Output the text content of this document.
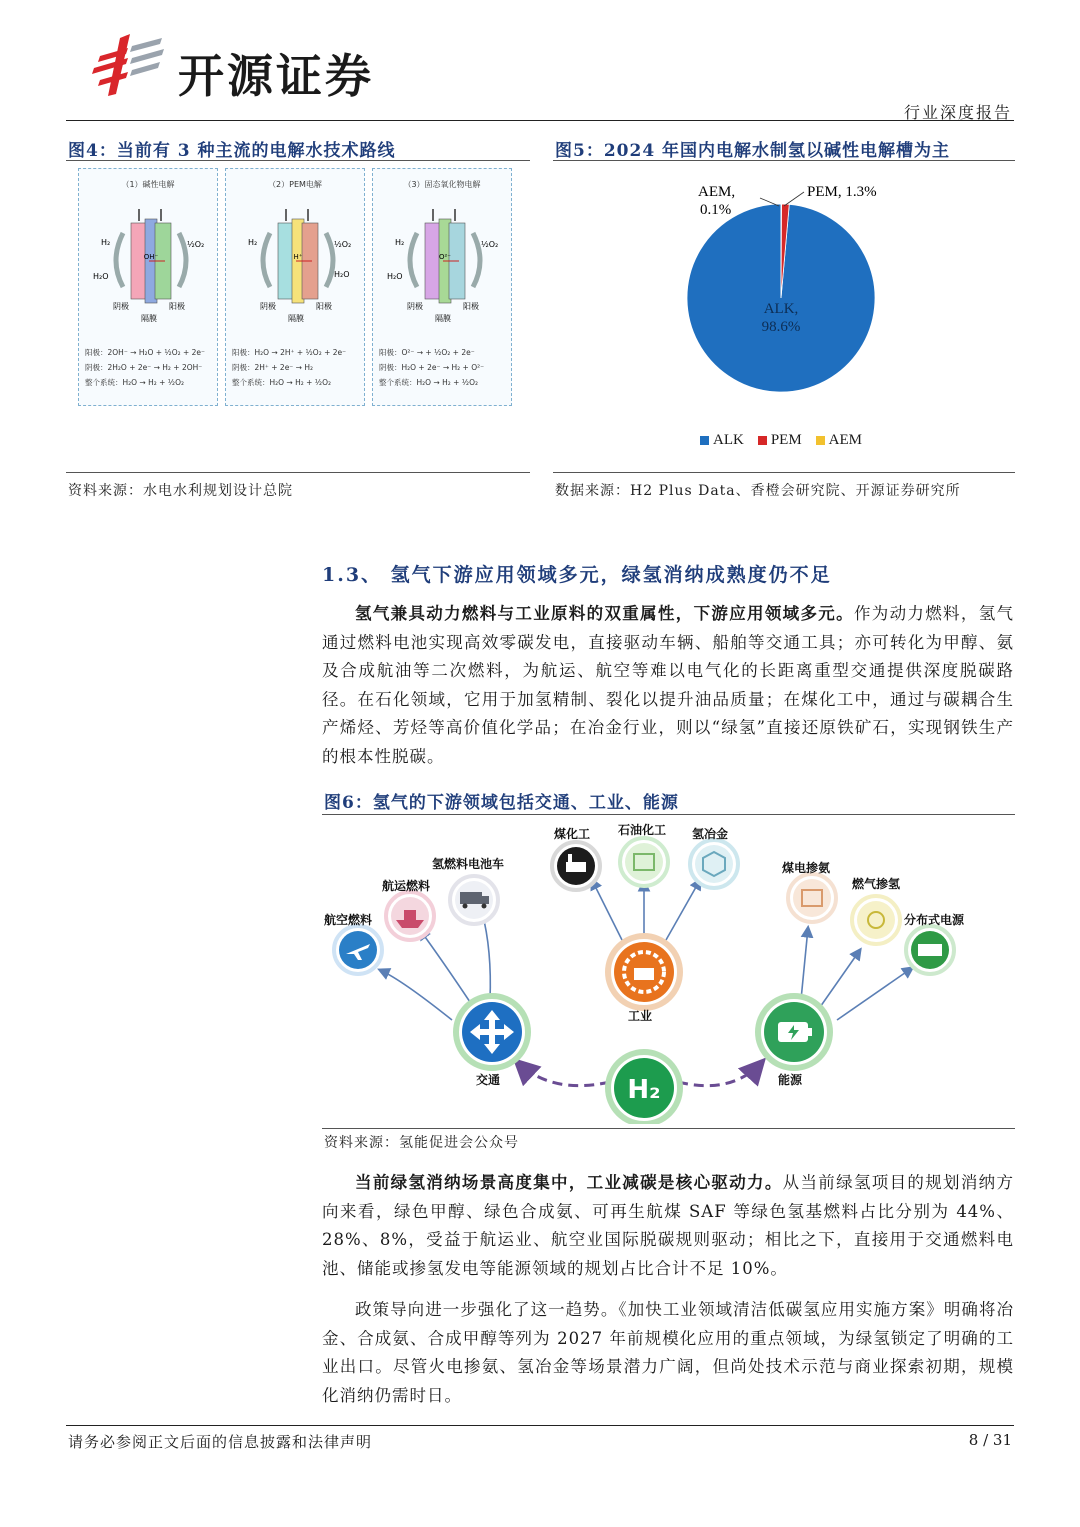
开源证券
行业深度报告
图4：当前有 3 种主流的电解水技术路线
（1）碱性电解
OH⁻
H₂
H₂O
½O₂
阴极	阳极
隔膜
阳极：2OH⁻ → H₂O + ½O₂ + 2e⁻
阴极：2H₂O + 2e⁻ → H₂ + 2OH⁻
整个系统：H₂O → H₂ + ½O₂
（2）PEM电解
H⁺
H₂	½O₂
H₂O
阴极	阳极
隔膜
阳极：H₂O → 2H⁺ + ½O₂ + 2e⁻
阴极：2H⁺ + 2e⁻ → H₂
整个系统：H₂O → H₂ + ½O₂
（3）固态氧化物电解
O²⁻
H₂
H₂O
½O₂
阴极	阳极
隔膜
阳极：O²⁻ → + ½O₂ + 2e⁻
阴极：H₂O + 2e⁻ → H₂ + O²⁻
整个系统：H₂O → H₂ + ½O₂
资料来源：水电水利规划设计总院
图5：2024 年国内电解水制氢以碱性电解槽为主
AEM,
0.1%
PEM, 1.3%
ALK,
98.6%
ALK PEM AEM
数据来源：H2 Plus Data、香橙会研究院、开源证券研究所
1.3、 氢气下游应用领域多元，绿氢消纳成熟度仍不足

氢气兼具动力燃料与工业原料的双重属性，下游应用领域多元。作为动力燃料，氢气通过燃料电池实现高效零碳发电，直接驱动车辆、船舶等交通工具；亦可转化为甲醇、氨及合成航油等二次燃料，为航运、航空等难以电气化的长距离重型交通提供深度脱碳路径。在石化领域，它用于加氢精制、裂化以提升油品质量；在煤化工中，通过与碳耦合生产烯烃、芳烃等高价值化学品；在冶金行业，则以“绿氢”直接还原铁矿石，实现钢铁生产的根本性脱碳。

图6：氢气的下游领域包括交通、工业、能源
航空燃料
航运燃料
氢燃料电池车
煤化工 石油化工 氢冶金
煤电掺氨
燃气掺氢
分布式电源
交通
工业
能源
H₂
资料来源：氢能促进会公众号

当前绿氢消纳场景高度集中，工业减碳是核心驱动力。从当前绿氢项目的规划消纳方向来看，绿色甲醇、绿色合成氨、可再生航煤 SAF 等绿色氢基燃料占比分别为 44%、28%、8%，受益于航运业、航空业国际脱碳规则驱动；相比之下，直接用于交通燃料电池、储能或掺氢发电等能源领域的规划占比合计不足 10%。

政策导向进一步强化了这一趋势。《加快工业领域清洁低碳氢应用实施方案》明确将冶金、合成氨、合成甲醇等列为 2027 年前规模化应用的重点领域，为绿氢锁定了明确的工业出口。尽管火电掺氨、氢冶金等场景潜力广阔，但尚处技术示范与商业探索初期，规模化消纳仍需时日。

请务必参阅正文后面的信息披露和法律声明	8 / 31
